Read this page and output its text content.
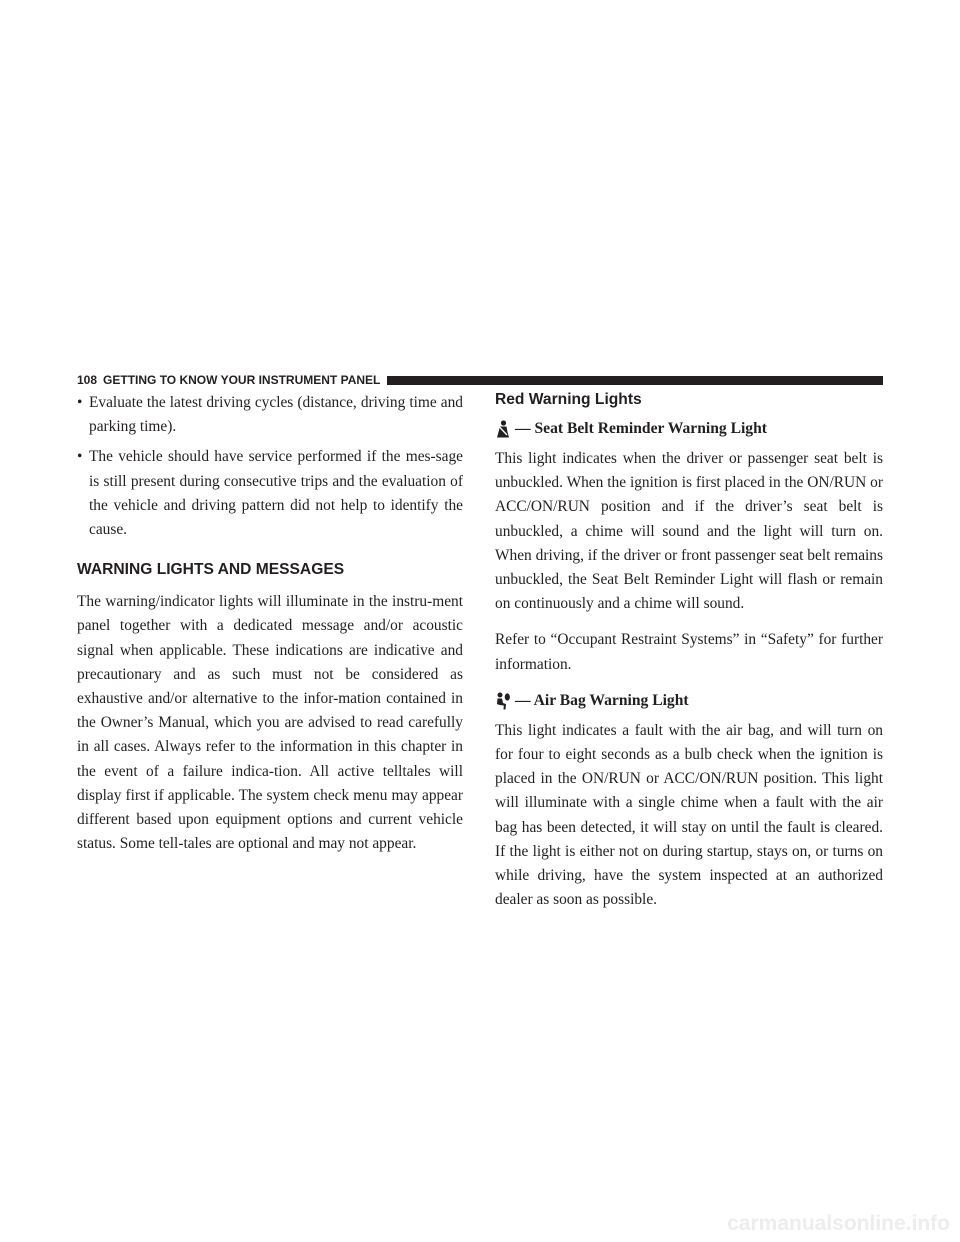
108 GETTING TO KNOW YOUR INSTRUMENT PANEL
• Evaluate the latest driving cycles (distance, driving time and parking time).

• The vehicle should have service performed if the mes-sage is still present during consecutive trips and the evaluation of the vehicle and driving pattern did not help to identify the cause.

WARNING LIGHTS AND MESSAGES

The warning/indicator lights will illuminate in the instru-ment panel together with a dedicated message and/or acoustic signal when applicable. These indications are indicative and precautionary and as such must not be considered as exhaustive and/or alternative to the infor-mation contained in the Owner’s Manual, which you are advised to read carefully in all cases. Always refer to the information in this chapter in the event of a failure indica-tion. All active telltales will display first if applicable. The system check menu may appear different based upon equipment options and current vehicle status. Some tell-tales are optional and may not appear.

Red Warning Lights
— Seat Belt Reminder Warning Light

This light indicates when the driver or passenger seat belt is unbuckled. When the ignition is first placed in the ON/RUN or ACC/ON/RUN position and if the driver’s seat belt is unbuckled, a chime will sound and the light will turn on. When driving, if the driver or front passenger seat belt remains unbuckled, the Seat Belt Reminder Light will flash or remain on continuously and a chime will sound.

Refer to “Occupant Restraint Systems” in “Safety” for further information.

— Air Bag Warning Light

This light indicates a fault with the air bag, and will turn on for four to eight seconds as a bulb check when the ignition is placed in the ON/RUN or ACC/ON/RUN position. This light will illuminate with a single chime when a fault with the air bag has been detected, it will stay on until the fault is cleared. If the light is either not on during startup, stays on, or turns on while driving, have the system inspected at an authorized dealer as soon as possible.

carmanualsonline.info
